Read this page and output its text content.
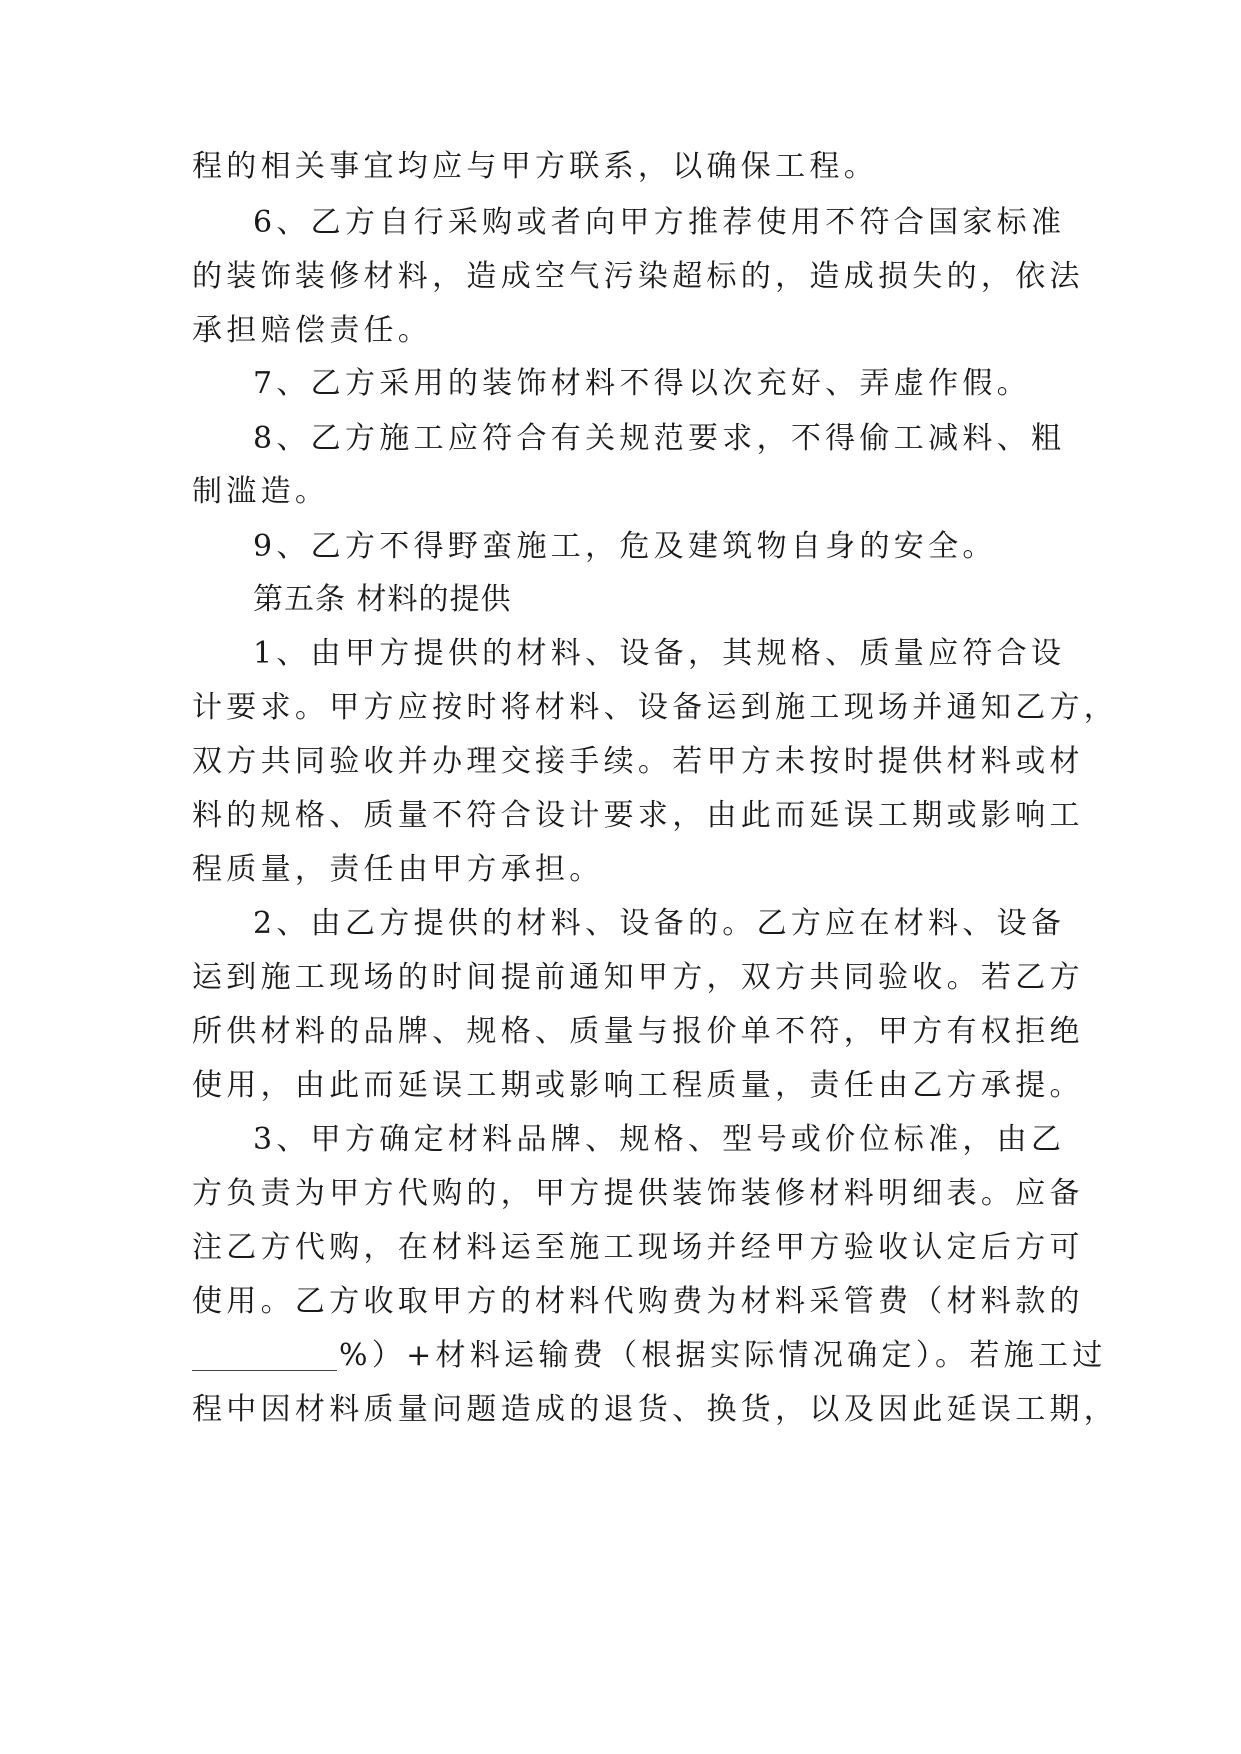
程的相关事宜均应与甲方联系，以确保工程。
6、乙方自行采购或者向甲方推荐使用不符合国家标准
的装饰装修材料，造成空气污染超标的，造成损失的，依法
承担赔偿责任。
7、乙方采用的装饰材料不得以次充好、弄虚作假。
8、乙方施工应符合有关规范要求，不得偷工减料、粗
制滥造。
9、乙方不得野蛮施工，危及建筑物自身的安全。
第五条 材料的提供
1、由甲方提供的材料、设备，其规格、质量应符合设
计要求。甲方应按时将材料、设备运到施工现场并通知乙方，
双方共同验收并办理交接手续。若甲方未按时提供材料或材
料的规格、质量不符合设计要求，由此而延误工期或影响工
程质量，责任由甲方承担。
2、由乙方提供的材料、设备的。乙方应在材料、设备
运到施工现场的时间提前通知甲方，双方共同验收。若乙方
所供材料的品牌、规格、质量与报价单不符，甲方有权拒绝
使用，由此而延误工期或影响工程质量，责任由乙方承提。
3、甲方确定材料品牌、规格、型号或价位标准，由乙
方负责为甲方代购的，甲方提供装饰装修材料明细表。应备
注乙方代购，在材料运至施工现场并经甲方验收认定后方可
使用。乙方收取甲方的材料代购费为材料采管费（材料款的
%）+材料运输费（根据实际情况确定）。若施工过
程中因材料质量问题造成的退货、换货，以及因此延误工期，
